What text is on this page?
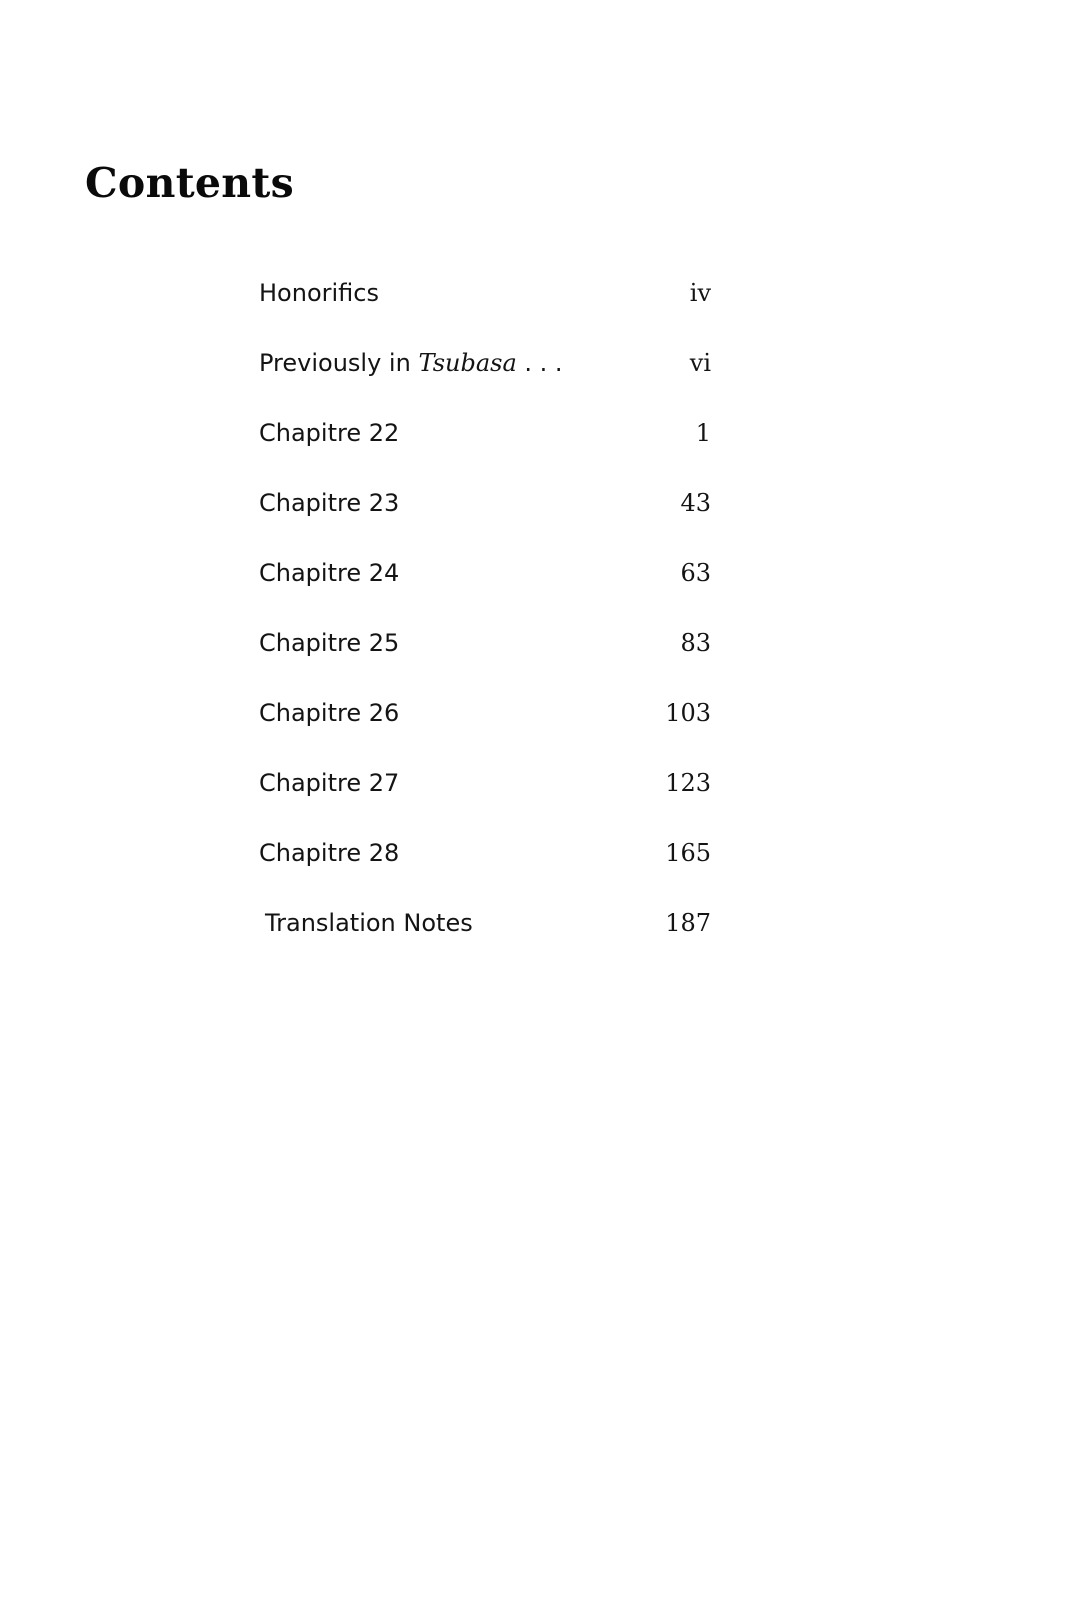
Contents
Honorifics	iv
Previously in Tsubasa . . .	vi
Chapitre 22	1
Chapitre 23	43
Chapitre 24	63
Chapitre 25	83
Chapitre 26	103
Chapitre 27	123
Chapitre 28	165
Translation Notes	187
